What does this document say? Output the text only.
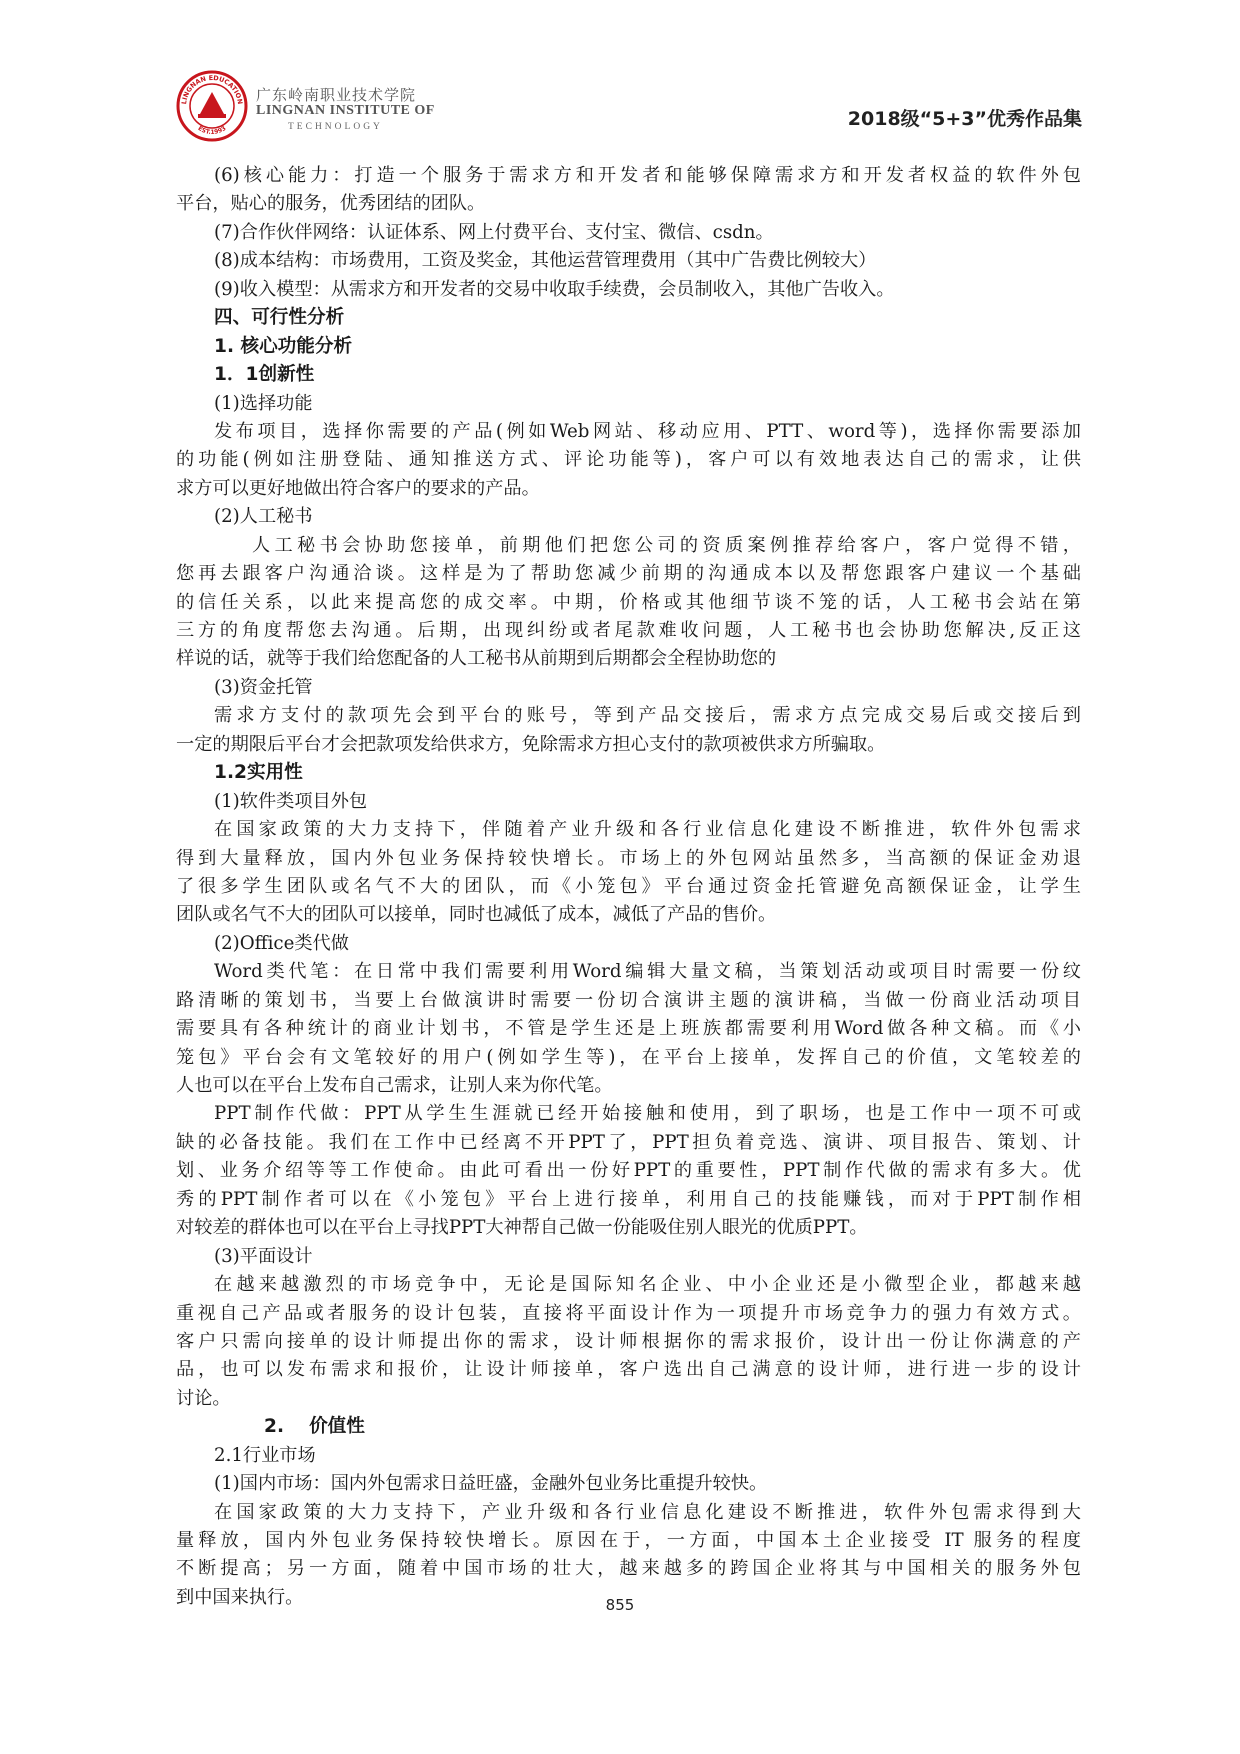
LINGNAN EDUCATION
EST.1993
广东岭南职业技术学院
LINGNAN INSTITUTE OF
TECHNOLOGY	2018级“5+3”优秀作品集
(6)核心能力：打造一个服务于需求方和开发者和能够保障需求方和开发者权益的软件外包
平台，贴心的服务，优秀团结的团队。
(7)合作伙伴网络：认证体系、网上付费平台、支付宝、微信、csdn。
(8)成本结构：市场费用，工资及奖金，其他运营管理费用（其中广告费比例较大）
(9)收入模型：从需求方和开发者的交易中收取手续费，会员制收入，其他广告收入。
四、可行性分析
1. 核心功能分析
1．1创新性
(1)选择功能
发布项目，选择你需要的产品(例如Web网站、移动应用、PTT、word等)，选择你需要添加
的功能(例如注册登陆、通知推送方式、评论功能等)，客户可以有效地表达自己的需求，让供
求方可以更好地做出符合客户的要求的产品。
(2)人工秘书
人工秘书会协助您接单，前期他们把您公司的资质案例推荐给客户，客户觉得不错，
您再去跟客户沟通洽谈。这样是为了帮助您减少前期的沟通成本以及帮您跟客户建议一个基础
的信任关系，以此来提高您的成交率。中期，价格或其他细节谈不笼的话，人工秘书会站在第
三方的角度帮您去沟通。后期，出现纠纷或者尾款难收问题，人工秘书也会协助您解决,反正这
样说的话，就等于我们给您配备的人工秘书从前期到后期都会全程协助您的
(3)资金托管
需求方支付的款项先会到平台的账号，等到产品交接后，需求方点完成交易后或交接后到
一定的期限后平台才会把款项发给供求方，免除需求方担心支付的款项被供求方所骗取。
1.2实用性
(1)软件类项目外包
在国家政策的大力支持下，伴随着产业升级和各行业信息化建设不断推进，软件外包需求
得到大量释放，国内外包业务保持较快增长。市场上的外包网站虽然多，当高额的保证金劝退
了很多学生团队或名气不大的团队，而《小笼包》平台通过资金托管避免高额保证金，让学生
团队或名气不大的团队可以接单，同时也减低了成本，减低了产品的售价。
(2)Office类代做
Word类代笔：在日常中我们需要利用Word编辑大量文稿，当策划活动或项目时需要一份纹
路清晰的策划书，当要上台做演讲时需要一份切合演讲主题的演讲稿，当做一份商业活动项目
需要具有各种统计的商业计划书，不管是学生还是上班族都需要利用Word做各种文稿。而《小
笼包》平台会有文笔较好的用户(例如学生等)，在平台上接单，发挥自己的价值，文笔较差的
人也可以在平台上发布自己需求，让别人来为你代笔。
PPT制作代做：PPT从学生生涯就已经开始接触和使用，到了职场，也是工作中一项不可或
缺的必备技能。我们在工作中已经离不开PPT了，PPT担负着竞选、演讲、项目报告、策划、计
划、业务介绍等等工作使命。由此可看出一份好PPT的重要性，PPT制作代做的需求有多大。优
秀的PPT制作者可以在《小笼包》平台上进行接单，利用自己的技能赚钱，而对于PPT制作相
对较差的群体也可以在平台上寻找PPT大神帮自己做一份能吸住别人眼光的优质PPT。
(3)平面设计
在越来越激烈的市场竞争中，无论是国际知名企业、中小企业还是小微型企业，都越来越
重视自己产品或者服务的设计包装，直接将平面设计作为一项提升市场竞争力的强力有效方式。
客户只需向接单的设计师提出你的需求，设计师根据你的需求报价，设计出一份让你满意的产
品，也可以发布需求和报价，让设计师接单，客户选出自己满意的设计师，进行进一步的设计
讨论。
2.　 价值性
2.1行业市场
(1)国内市场：国内外包需求日益旺盛，金融外包业务比重提升较快。
在国家政策的大力支持下，产业升级和各行业信息化建设不断推进，软件外包需求得到大
量释放，国内外包业务保持较快增长。原因在于，一方面，中国本土企业接受 IT 服务的程度
不断提高；另一方面，随着中国市场的壮大，越来越多的跨国企业将其与中国相关的服务外包
到中国来执行。	855
